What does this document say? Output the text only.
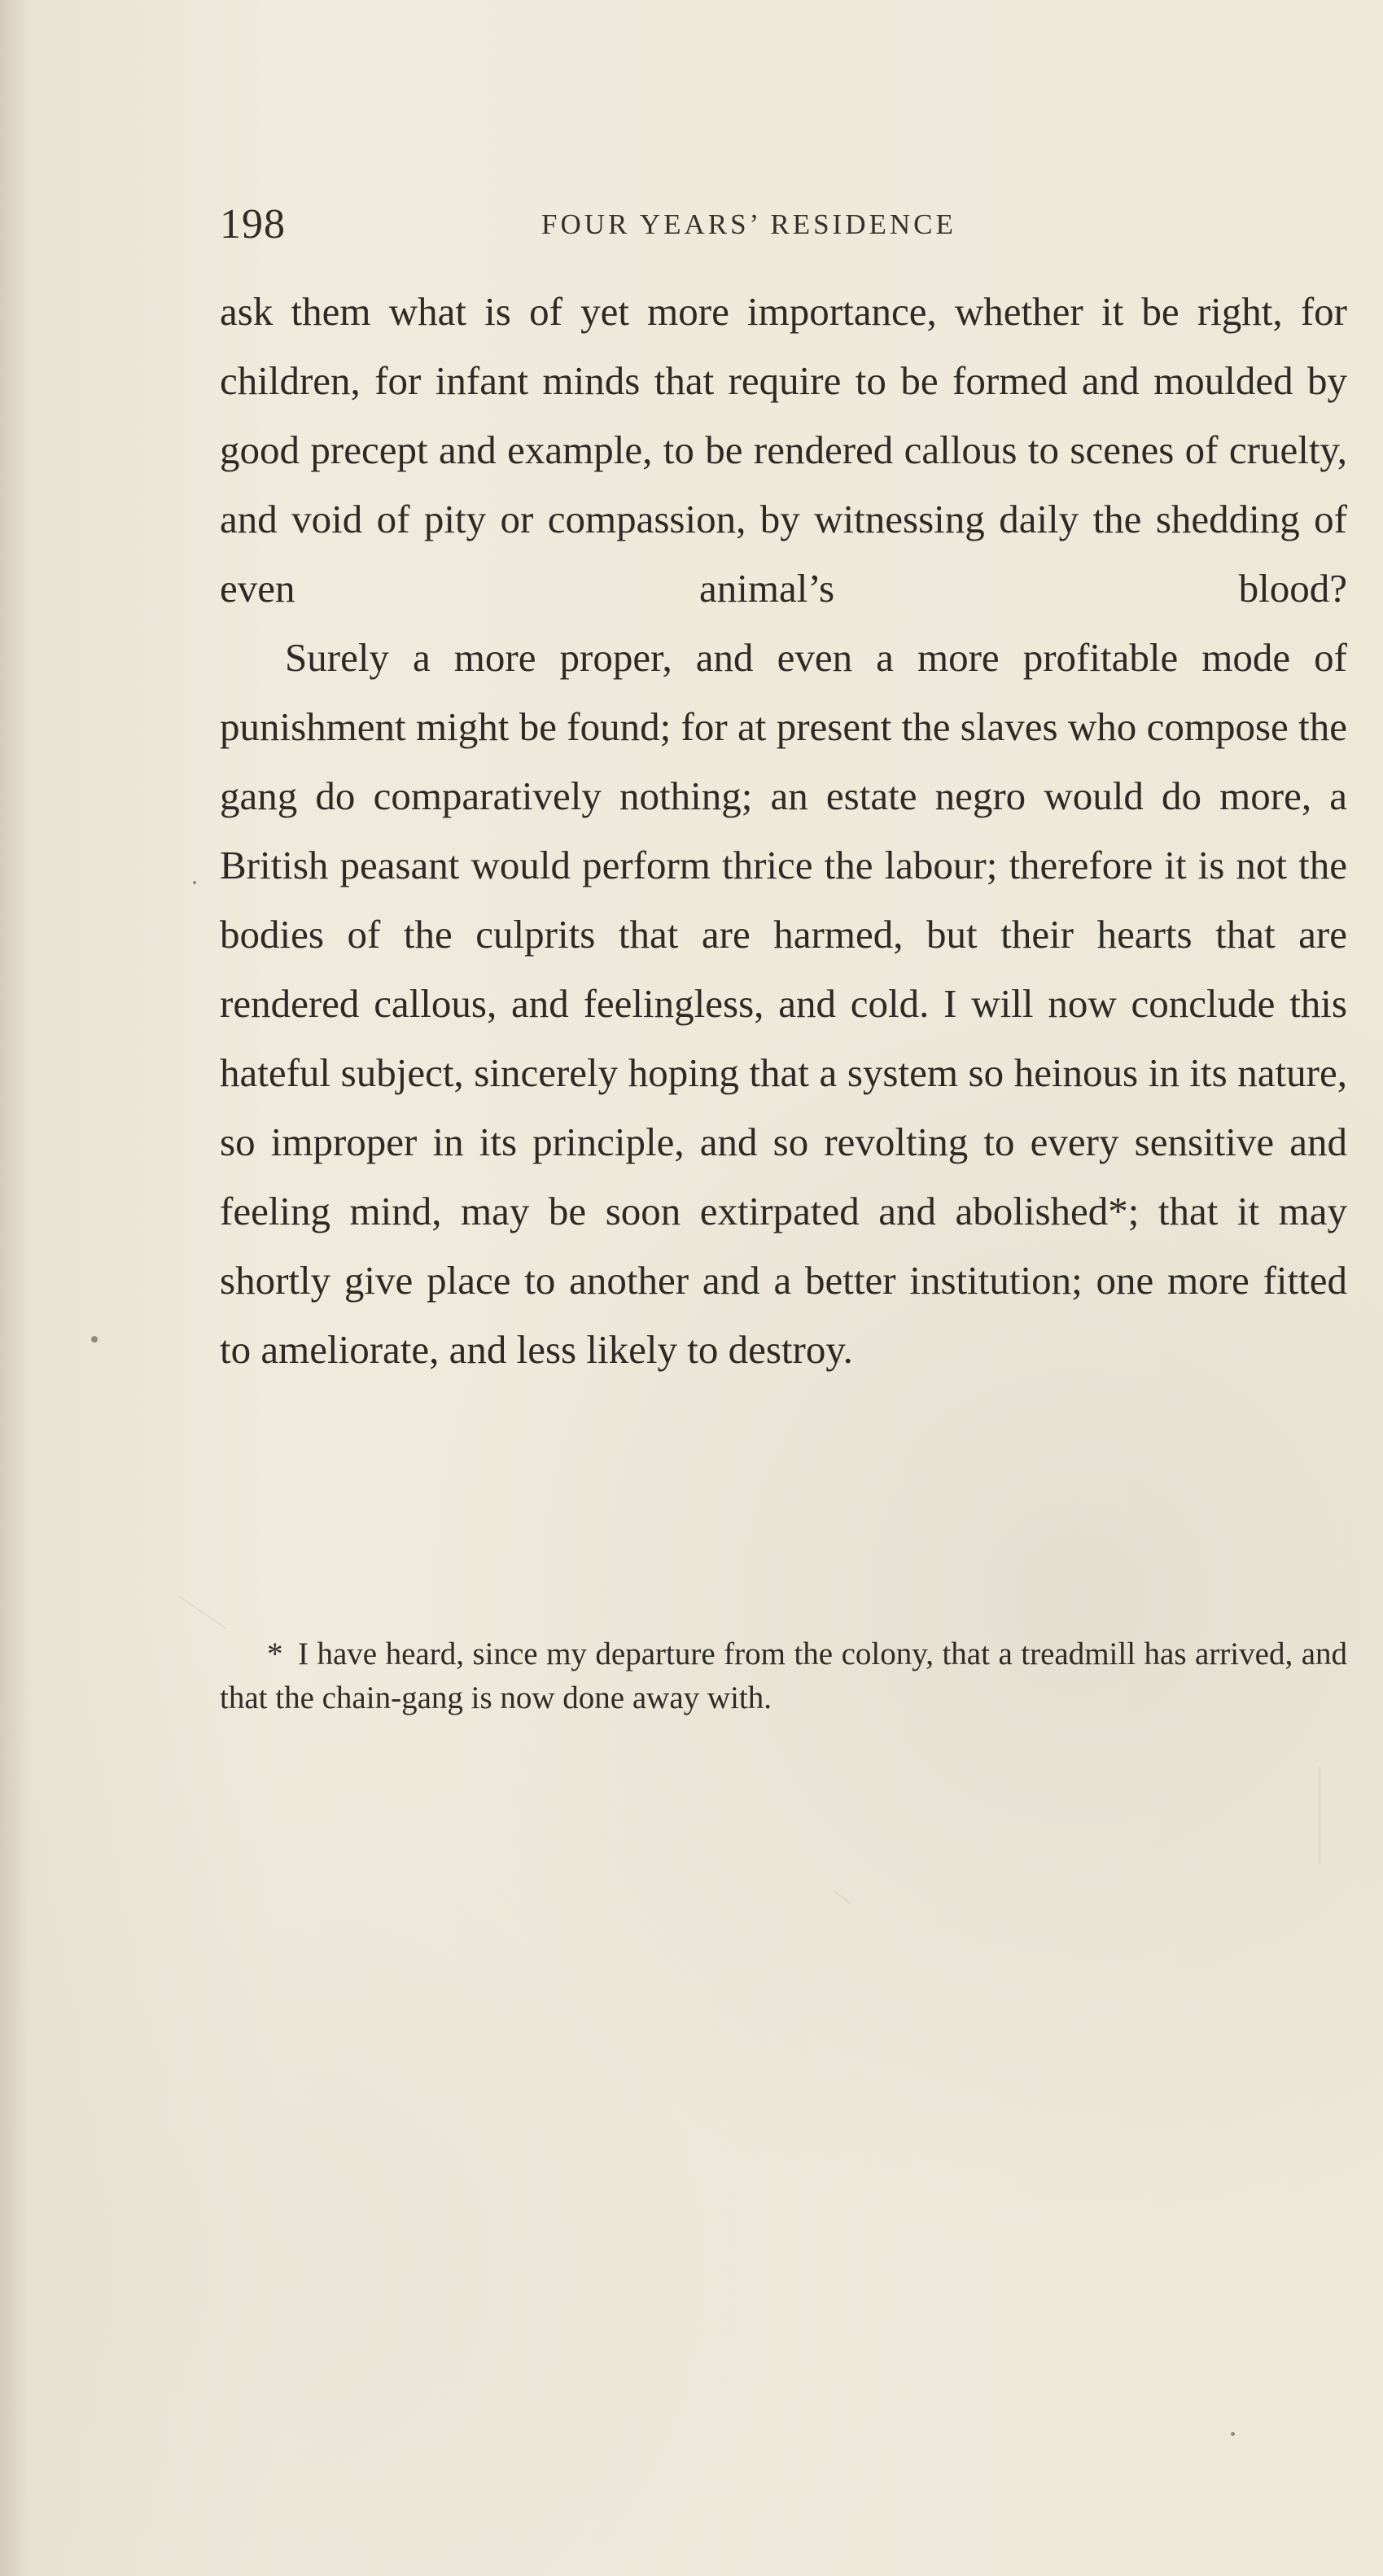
198	FOUR YEARS’ RESIDENCE

ask them what is of yet more importance, whether it be right, for children, for infant minds that require to be formed and moulded by good precept and example, to be rendered callous to scenes of cruelty, and void of pity or compassion, by witnessing daily the shedding of even animal’s blood?

Surely a more proper, and even a more profitable mode of punishment might be found; for at present the slaves who compose the gang do comparatively nothing; an estate negro would do more, a British peasant would perform thrice the labour; therefore it is not the bodies of the culprits that are harmed, but their hearts that are rendered callous, and feelingless, and cold. I will now conclude this hateful subject, sincerely hoping that a system so heinous in its nature, so improper in its principle, and so revolting to every sensitive and feeling mind, may be soon extirpated and abolished*; that it may shortly give place to another and a better institution; one more fitted to ameliorate, and less likely to destroy.

* I have heard, since my departure from the colony, that a treadmill has arrived, and that the chain-gang is now done away with.
